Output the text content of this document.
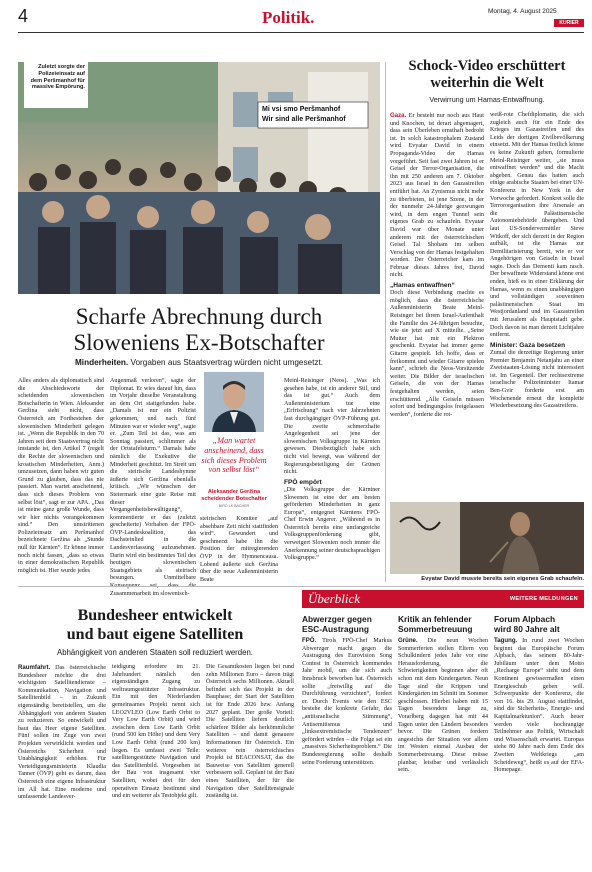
4	Politik.	Montag, 4. August 2025
KURIER
Mi vsi smo Peršmanhof
Wir sind alle Peršmanhof
Zuletzt sorgte der Polizeieinsatz auf dem Peršmanhof für massive Empörung.
Scharfe Abrechnung durch
Sloweniens Ex-Botschafter
Minderheiten. Vorgaben aus Staatsvertrag würden nicht umgesetzt.
Alles anders als diplomatisch sind die Abschiedsworte der scheidenden slowenischen Botschafterin in Wien. Aleksander Geržina sieht nicht, dass Österreich am Fortbestehen der slowenischen Minderheit gelegen ist. „Wenn die Republik in den 70 Jahren seit dem Staatsvertrag nicht imstande ist, den Artikel 7 (regelt die Rechte der slowenischen und kroatischen Minderheiten, Anm.) umzusetzen, dann haben wir guten Grund zu glauben, dass das nie passiert. Man wartet anscheinend, dass sich dieses Problem von selbst löst“, sagt er zur APA. „Das ist meine ganz große Wunde, dass wir hier nichts vorangekommen sind.“ Den umstrittenen Polizeieinsatz am Peršmanhof bezeichnete Geržina als „Stunde null für Kärnten“. Er könne immer noch nicht fassen, „dass so etwas in einer demokratischen Republik möglich ist. Hier wurde jedes
Augenmaß verloren“, sagte der Diplomat. Er wies darauf hin, dass im Vorjahr dieselbe Veranstaltung an dem Ort stattgefunden habe. „Damals ist nur ein Polizist gekommen, und nach fünf Minuten war er wieder weg“, sagte er. „Zum Teil ist das, was am Sonntag passiert, schlimmer als der Ortstafelsturm.“ Damals habe nämlich die Exekutive die Minderheit geschützt. Im Streit um die steirische Landeshymne äußerte sich Geržina ebenfalls kritisch. „Wir wünschen der Steiermark eine gute Reise mit dieser Vergangenheitsbewältigung“, kommentierte er das (zuletzt gescheiterte) Vorhaben der FPÖ-ÖVP-Landeskoalition, das Dachsteinlied in die Landesverfassung aufzunehmen. Darin wird ein bestimmtes Teil des heutigen slowenischen Staatsgebiets als steirisch besungen. Unmittelbare Zusammenarbeit im slowenisch-
„Man wartet anscheinend, dass sich dieses Problem von selbst löst“
Aleksander Geržina
scheidender Botschafter
BIRO LK BACHER
steirischen Komitee „auf absehbare Zeit nicht stattfinden wird“. Gewundert und geschmerzt habe ihn die Position der mitregierenden ÖVP in der Hymnencausa. Lobend äußerte sich Geržina über die neue Außenministerin Beate
Meinl-Reisinger (Neos). „Was ich gesehen habe, ist ein anderer Stil, und das ist gut.“ Auch dem Außenministerium tue eine „Erfrischung“ nach vier Jahrzehnten fast durchgängiger ÖVP-Führung gut. Die zweite schmerzhafte Angelegenheit sei jene der slowenischen Volksgruppe in Kärnten gewesen. Diesbezüglich habe sich nicht viel bewegt, was während der Regierungsbeteiligung der Grünen nicht.
FPÖ empört
„Die Volksgruppe der Kärntner Slowenen ist eine der am besten geförderten Minderheiten in ganz Europa“, entgegnet Kärntens FPÖ-Chef Erwin Angerer. „Während es in Österreich bereits eine umfangreiche Volksgruppenförderung gibt, verweigert Slowenien noch immer die Anerkennung seiner deutschsprachigen Volksgruppe.“
Schock-Video erschüttert
weiterhin die Welt
Verwirrung um Hamas-Entwaffnung.
Gaza. Er besteht nur noch aus Haut und Knochen, ist derart abgemagert, dass sein Überleben ernsthaft bedroht ist. In solch katastrophalem Zustand wird Evyatar David in einem Propaganda-Video der Hamas vorgeführt. Seit fast zwei Jahren ist er Geisel der Terror-Organisation, die ihn mit 250 anderen am 7. Oktober 2023 aus Israel in den Gazastreifen entführt hat. An Zynismus nicht mehr zu überbieten, ist jene Szene, in der der nunmehr 24-Jährige gezwungen wird, in dem engen Tunnel sein eigenes Grab zu schaufeln. Evyatar David war über Monate unter anderem mit der österreichischen Geisel Tal Shoham im selben Verschlag von der Hamas festgehalten worden. Der Österreicher kam im Februar dieses Jahres frei, David nicht.
„Hamas entwaffnen“
Doch diese Verbindung machte es möglich, dass die österreichische Außenministerin Beate Meinl-Reisinger bei ihrem Israel-Aufenthalt die Familie des 24-Jährigen besuchte, wie sie jetzt auf X mitteilte. „Seine Mutter hat mir ein Plektron geschenkt. Evyatar hat immer gerne Gitarre gespielt. Ich hoffe, dass er freikommt und wieder Gitarre spielen kann“, schrieb die Neos-Vorsitzende weiter. Die Bilder der israelischen Geiseln, die von der Hamas festgehalten werden, seien erschütternd. „Alle Geiseln müssen sofort und bedingungslos freigelassen werden“, forderte die rot-
weiß-rote Chefdiplomatin, die sich zugleich auch für ein Ende des Krieges im Gazastreifen und des Leids der dortigen Zivilbevölkerung einsetzt. Mit der Hamas freilich könne es keine Zukunft geben, formulierte Meinl-Reisinger weiter, „sie muss entwaffnet werden“ und die Macht abgeben. Genau das hatten auch einige arabische Staaten bei einer UN-Konferenz in New York in der Vorwoche gefordert. Konkret solle die Terrororganisation ihre Arsenale an die Palästinensische Autonomiebehörde übergeben. Und laut US-Sondervermittler Steve Witkoff, der sich derzeit in der Region aufhält, ist die Hamas zur Demilitarisierung bereit, wie er vor Angehörigen von Geiseln in Israel sagte. Doch das Dementi kam rasch. Der bewaffnete Widerstand könne erst enden, hieß es in einer Erklärung der Hamas, wenn es einen unabhängigen und vollständigen souveränen palästinensischen Staat im Westjordanland und im Gazastreifen mit Jerusalem als Hauptstadt gebe. Doch davon ist man derzeit Lichtjahre entfernt.
Minister: Gaza besetzen
Zumal die derzeitige Regierung unter Premier Benjamin Netanjahu an einer Zweistaaten-Lösung nicht interessiert ist. Im Gegenteil. Der rechtsextreme israelische Polizeiminister Itamar Ben-Gvir forderte erst am Wochenende erneut die komplette Wiederbesetzung des Gazastreifens.
Evyatar David musste bereits sein eigenes Grab schaufeln.
Bundesheer entwickelt
und baut eigene Satelliten
Abhängigkeit von anderen Staaten soll reduziert werden.
Raumfahrt. Das österreichische Bundesheer möchte die drei wichtigsten Satellitendienste – Kommunikation, Navigation und Satellitenbild – in Zukunft eigenständig bereitstellen, um die Abhängigkeit von anderen Staaten zu reduzieren. So entwickelt und baut das Heer eigene Satelliten. Fünf sollen im Zuge von zwei Projekten verwirklicht werden und Österreichs Sicherheit und Unabhängigkeit erhöhen. Für Verteidigungsministerin Klaudia Tanner (ÖVP) geht es darum, dass Österreich eine eigene Infrastruktur im All hat. Eine moderne und umfassende Landesver-
teidigung erfordere im 21. Jahrhundert nämlich den eigenständigen Zugang zu weltraumgestützter Infrastruktur. Ein mit den Niederlanden gemeinsames Projekt nennt sich LEO2VLEO (Low Earth Orbit to Very Low Earth Orbit) und wird zwischen dem Low Earth Orbit (rund 500 km Höhe) und dem Very Low Earth Orbit (rund 200 km) liegen. Es umfasst zwei Teile: satellitengestützte Navigation und das Satellitenbild. Vorgesehen ist der Bau von insgesamt vier Satelliten, wobei drei für den operativen Einsatz bestimmt sind und ein weiterer als Testobjekt gilt.
Die Gesamtkosten liegen bei rund zehn Millionen Euro – davon trägt Österreich sechs Millionen. Aktuell befindet sich das Projekt in der Bauphase; der Start der Satelliten ist für Ende 2026 bzw. Anfang 2027 geplant. Der große Vorteil: Die Satelliten liefern deutlich schärfere Bilder als herkömmliche Satelliten – und damit genauere Informationen für Österreich. Ein weiteres rein österreichisches Projekt ist BEACONSAT, das die Bauweise von Satelliten generell verbessern soll. Geplant ist der Bau eines Satelliten, der für die Navigation über Satellitensignale zuständig ist.
Überblick	WEITERE MELDUNGEN
Abwerzger gegen
ESC-Austragung
FPÖ. Tirols FPÖ-Chef Markus Abwerzger macht gegen die Austragung des Eurovision Song Contest in Österreich kommendes Jahr mobil, um die sich auch Innsbruck beworben hat. Österreich sollte „freiwillig auf die Durchführung verzichten“, fordert er. Durch Events wie den ESC bestehe die konkrete Gefahr, das „antiisraelische Stimmung“, Antisemitismus und „linksextremistische Tendenzen“ gefördert würden – die Folge sei ein „massives Sicherheitsproblem.“ Die Bundesregierung sollte deshalb seine Forderung unterstützen.
Kritik an fehlender
Sommerbetreuung
Grüne. Die neun Wochen Sommerferien stellen Eltern von Schulkindern jedes Jahr vor eine Herausforderung, die Schwierigkeiten beginnen aber oft schon mit dem Kindergarten. Neun Tage sind die Krippen und Kindergärten im Schnitt im Sommer geschlossen. Hierbei haben mit 15 Tagen besonders lange zu, Vorarlberg dagegen hat mit 44 Tagen unter den Ländern besonders bevor. Die Grünen fordern angesichts der Situation vor allem im Westen einmal Ausbau der Sommerbetreuung. Diese müsse planbar, leistbar und verlässlich sein.
Forum Alpbach
wird 80 Jahre alt
Tagung. In rund zwei Wochen beginnt das Europäische Forum Alpbach, das seinem 80-Jahr-Jubiläum unter dem Motto „Recharge Europe“ steht und dem Kontinent gewissermaßen einen Energieschub geben will. Schwerpunkte der Konferenz, die von 16. bis 29. August stattfindet, sind die Sicherheits-, Energie- und Kapitalmarktunion“. Auch heuer werden viele hochrangige Teilnehmer aus Politik, Wirtschaft und Wissenschaft erwartet. Europas stehe 80 Jahre nach dem Ende des Zweiten Weltkriegs „am Scheideweg“, heißt es auf der EFA-Homepage.
